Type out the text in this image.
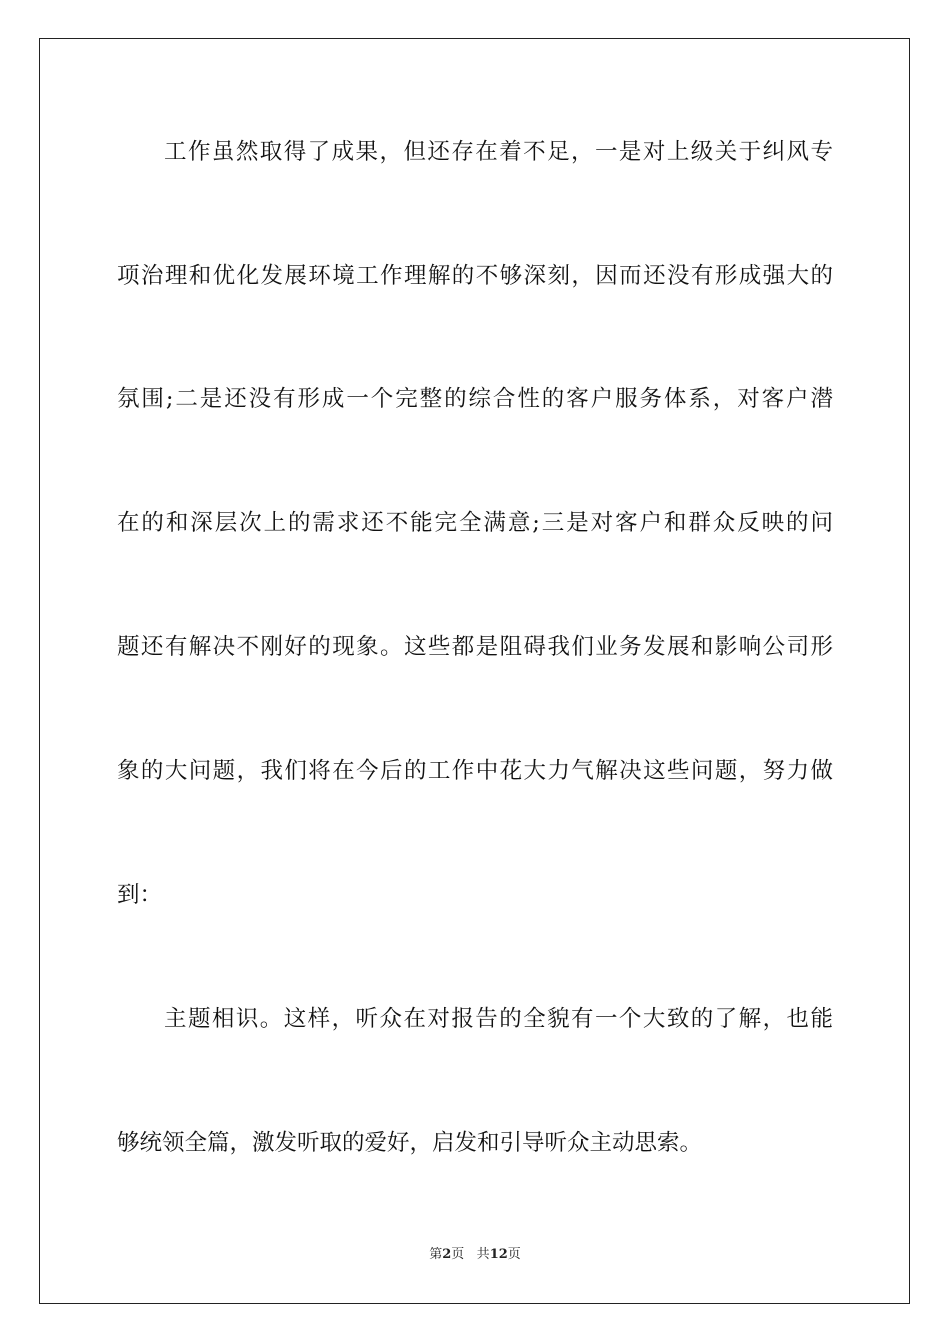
工作虽然取得了成果，但还存在着不足，一是对上级关于纠风专
项治理和优化发展环境工作理解的不够深刻，因而还没有形成强大的
氛围;二是还没有形成一个完整的综合性的客户服务体系，对客户潜
在的和深层次上的需求还不能完全满意;三是对客户和群众反映的问
题还有解决不刚好的现象。这些都是阻碍我们业务发展和影响公司形
象的大问题，我们将在今后的工作中花大力气解决这些问题，努力做
到：
主题相识。这样，听众在对报告的全貌有一个大致的了解，也能
够统领全篇，激发听取的爱好，启发和引导听众主动思索。
第2页 共12页
